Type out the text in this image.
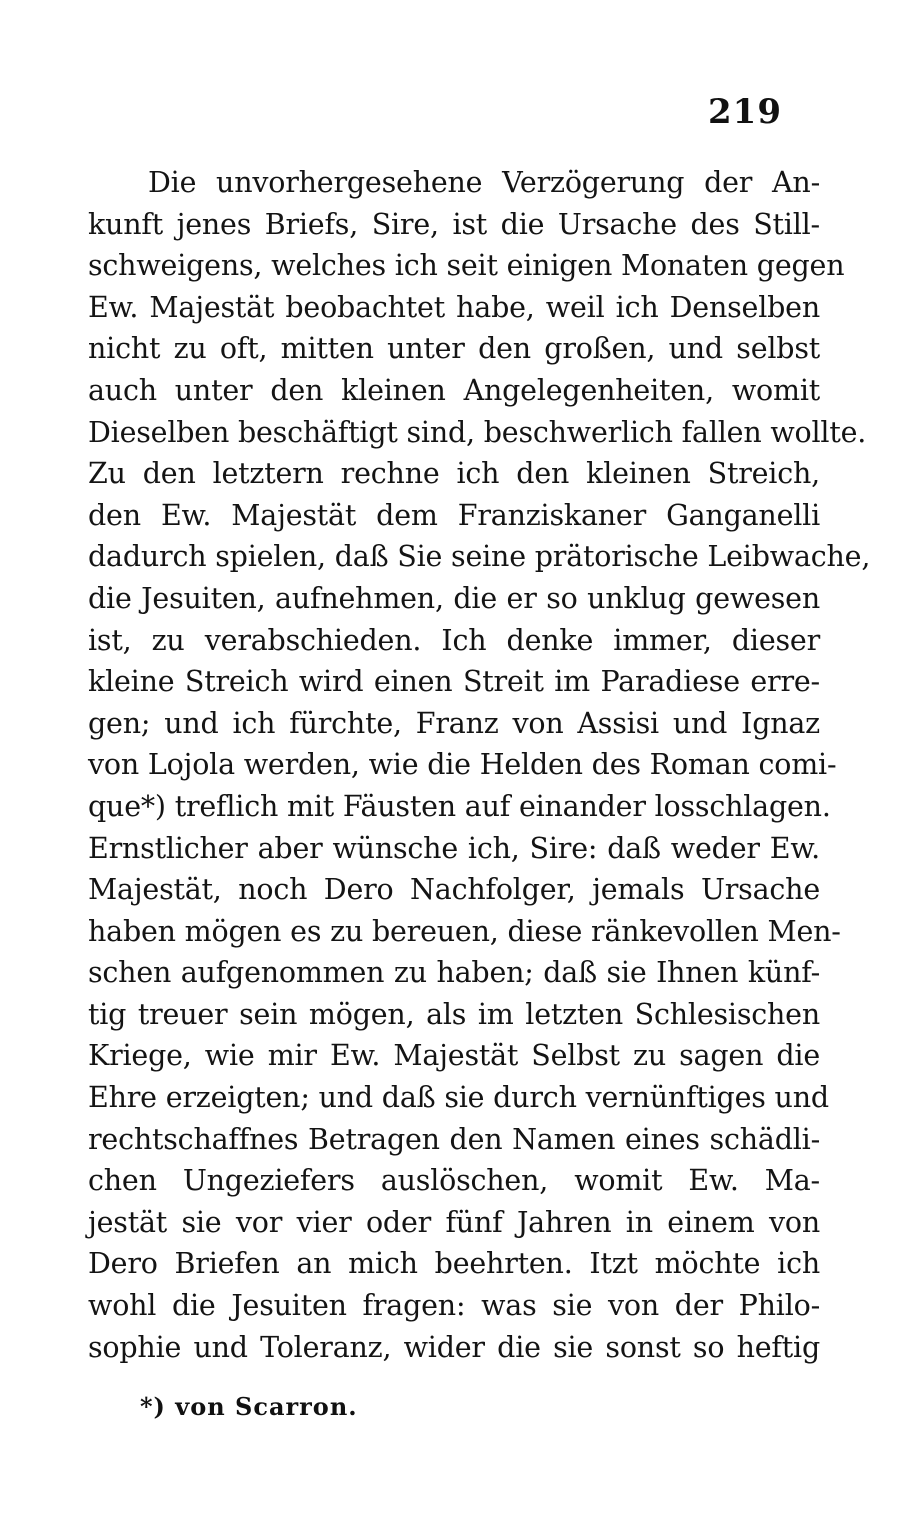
219
Die unvorhergesehene Verzögerung der An-
kunft jenes Briefs, Sire, ist die Ursache des Still-
schweigens, welches ich seit einigen Monaten gegen
Ew. Majestät beobachtet habe, weil ich Denselben
nicht zu oft, mitten unter den großen, und selbst
auch unter den kleinen Angelegenheiten, womit
Dieselben beschäftigt sind, beschwerlich fallen wollte.
Zu den letztern rechne ich den kleinen Streich,
den Ew. Majestät dem Franziskaner Ganganelli
dadurch spielen, daß Sie seine prätorische Leibwache,
die Jesuiten, aufnehmen, die er so unklug gewesen
ist, zu verabschieden. Ich denke immer, dieser
kleine Streich wird einen Streit im Paradiese erre-
gen; und ich fürchte, Franz von Assisi und Ignaz
von Lojola werden, wie die Helden des Roman comi-
que*) treflich mit Fäusten auf einander losschlagen.
Ernstlicher aber wünsche ich, Sire: daß weder Ew.
Majestät, noch Dero Nachfolger, jemals Ursache
haben mögen es zu bereuen, diese ränkevollen Men-
schen aufgenommen zu haben; daß sie Ihnen künf-
tig treuer sein mögen, als im letzten Schlesischen
Kriege, wie mir Ew. Majestät Selbst zu sagen die
Ehre erzeigten; und daß sie durch vernünftiges und
rechtschaffnes Betragen den Namen eines schädli-
chen Ungeziefers auslöschen, womit Ew. Ma-
jestät sie vor vier oder fünf Jahren in einem von
Dero Briefen an mich beehrten. Itzt möchte ich
wohl die Jesuiten fragen: was sie von der Philo-
sophie und Toleranz, wider die sie sonst so heftig
*) von Scarron.
